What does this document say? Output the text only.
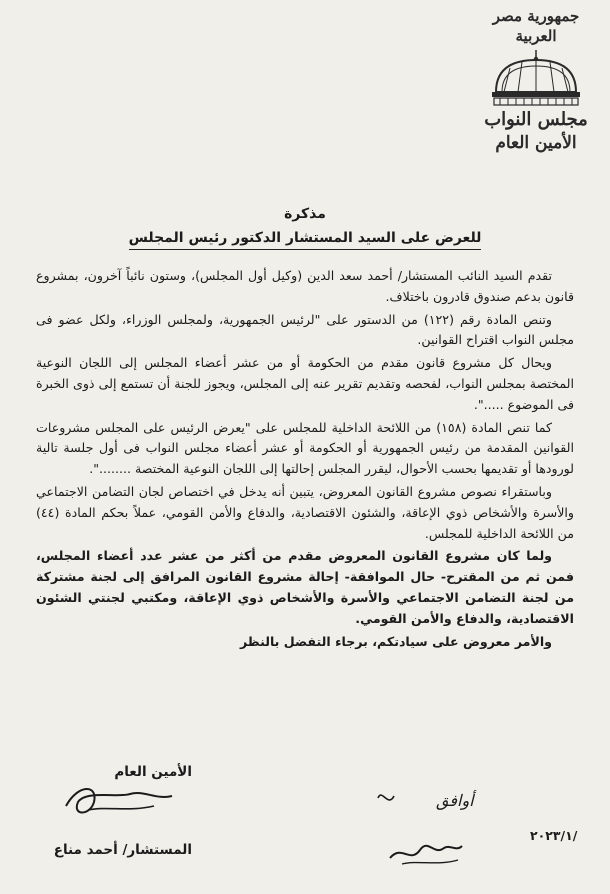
جمهورية مصر العربية

مجلس النواب

الأمين العام

مذكرة

للعرض على السيد المستشار الدكتور رئيس المجلس

تقدم السيد النائب المستشار/ أحمد سعد الدين (وكيل أول المجلس)، وستون نائباً آخرون، بمشروع قانون بدعم صندوق قادرون باختلاف.

وتنص المادة رقم (١٢٢) من الدستور على "لرئيس الجمهورية، ولمجلس الوزراء، ولكل عضو فى مجلس النواب اقتراح القوانين.

ويحال كل مشروع قانون مقدم من الحكومة أو من عشر أعضاء المجلس إلى اللجان النوعية المختصة بمجلس النواب، لفحصه وتقديم تقرير عنه إلى المجلس، ويجوز للجنة أن تستمع إلى ذوى الخبرة فى الموضوع .....".

كما تنص المادة (١٥٨) من اللائحة الداخلية للمجلس على "يعرض الرئيس على المجلس مشروعات القوانين المقدمة من رئيس الجمهورية أو الحكومة أو عشر أعضاء مجلس النواب فى أول جلسة تالية لورودها أو تقديمها بحسب الأحوال، ليقرر المجلس إحالتها إلى اللجان النوعية المختصة ........".

وباستقراء نصوص مشروع القانون المعروض، يتبين أنه يدخل في اختصاص لجان التضامن الاجتماعي والأسرة والأشخاص ذوي الإعاقة، والشئون الاقتصادية، والدفاع والأمن القومي، عملاً بحكم المادة (٤٤) من اللائحة الداخلية للمجلس.

ولما كان مشروع القانون المعروض مقدم من أكثر من عشر عدد أعضاء المجلس، فمن ثم من المقترح- حال الموافقة- إحالة مشروع القانون المرافق إلى لجنة مشتركة من لجنة التضامن الاجتماعي والأسرة والأشخاص ذوي الإعاقة، ومكتبي لجنتي الشئون الاقتصادية، والدفاع والأمن القومي.

والأمر معروض على سيادتكم، برجاء التفضل بالنظر

الأمين العام

المستشار/ أحمد مناع

٢٠٢٣/١/
أوافق
